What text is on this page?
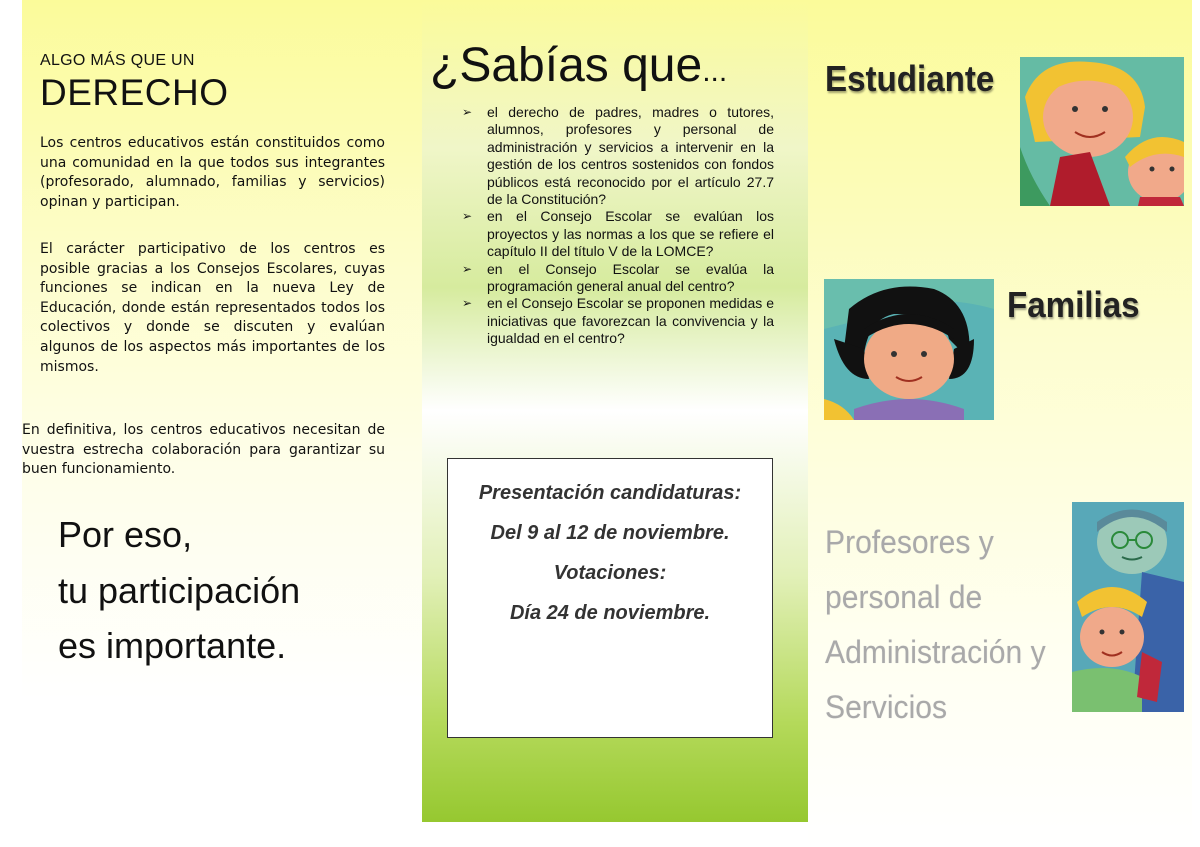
ALGO MÁS QUE UN
DERECHO
Los centros educativos están constituidos como una comunidad en la que todos sus integrantes (profesorado, alumnado, familias y servicios) opinan y participan.
El carácter participativo de los centros es posible gracias a los Consejos Escolares, cuyas funciones se indican en la nueva Ley de Educación, donde están representados todos los colectivos y donde se discuten y evalúan algunos de los aspectos más importantes de los mismos.
En definitiva, los centros educativos necesitan de vuestra estrecha colaboración para garantizar su buen funcionamiento.
Por eso,
tu participación
es importante.
¿Sabías que...
➢ el derecho de padres, madres o tutores, alumnos, profesores y personal de administración y servicios a intervenir en la gestión de los centros sostenidos con fondos públicos está reconocido por el artículo 27.7 de la Constitución?
➢ en el Consejo Escolar se evalúan los proyectos y las normas a los que se refiere el capítulo II del título V de la LOMCE?
➢ en el Consejo Escolar se evalúa la programación general anual del centro?
➢ en el Consejo Escolar se proponen medidas e iniciativas que favorezcan la convivencia y la igualdad en el centro?

Presentación candidaturas:

Del 9 al 12 de noviembre.

Votaciones:

Día 24 de noviembre.

Estudiante
Familias
Profesores y personal de Administración y Servicios
